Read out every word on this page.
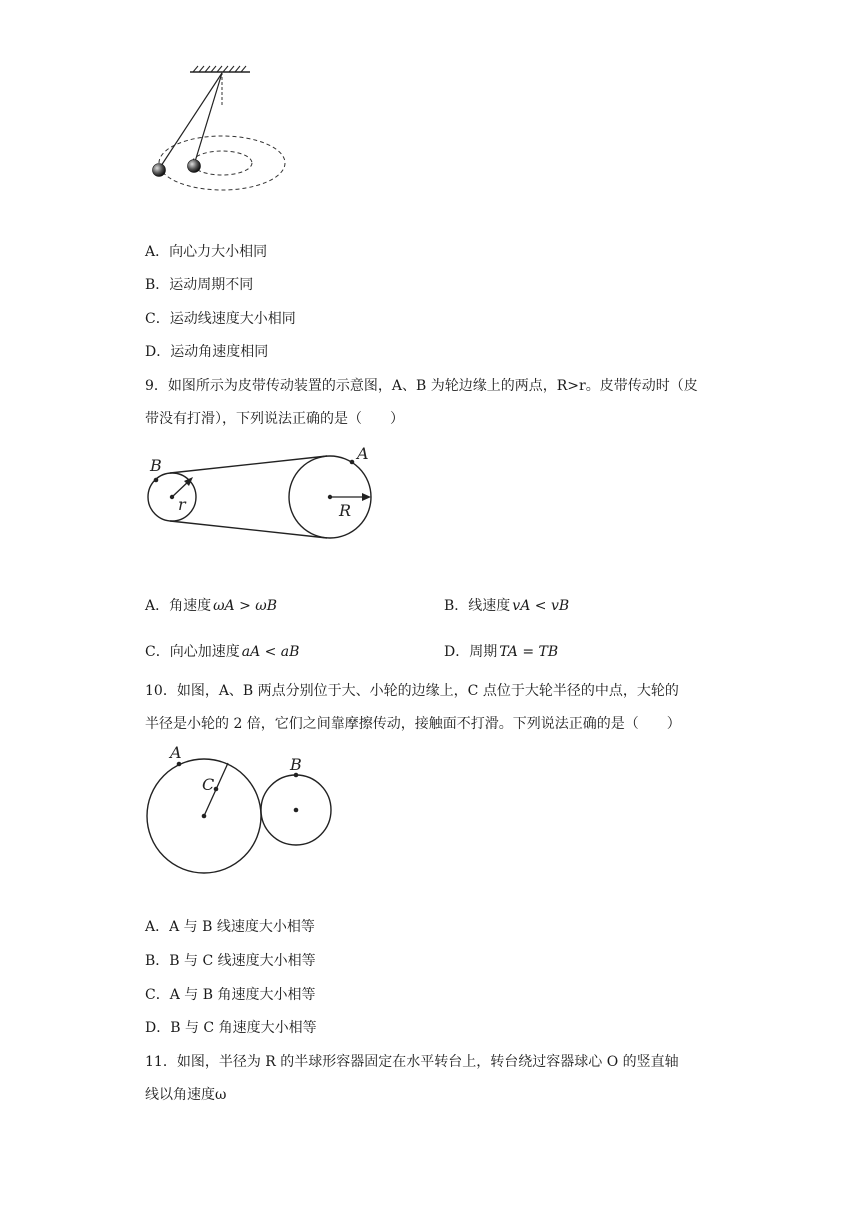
A．向心力大小相同
B．运动周期不同
C．运动线速度大小相同
D．运动角速度相同
9．如图所示为皮带传动装置的示意图，A、B 为轮边缘上的两点，R>r。皮带传动时（皮
带没有打滑），下列说法正确的是（　　）
B
A
r	R
A．角速度 ωA > ωB	B．线速度 vA < vB
C．向心加速度 aA < aB	D．周期 TA = TB
10．如图，A、B 两点分别位于大、小轮的边缘上，C 点位于大轮半径的中点，大轮的
半径是小轮的 2 倍，它们之间靠摩擦传动，接触面不打滑。下列说法正确的是（　　）
A
C
B
A．A 与 B 线速度大小相等
B．B 与 C 线速度大小相等
C．A 与 B 角速度大小相等
D．B 与 C 角速度大小相等
11．如图，半径为 R 的半球形容器固定在水平转台上，转台绕过容器球心 O 的竖直轴
线以角速度ω
